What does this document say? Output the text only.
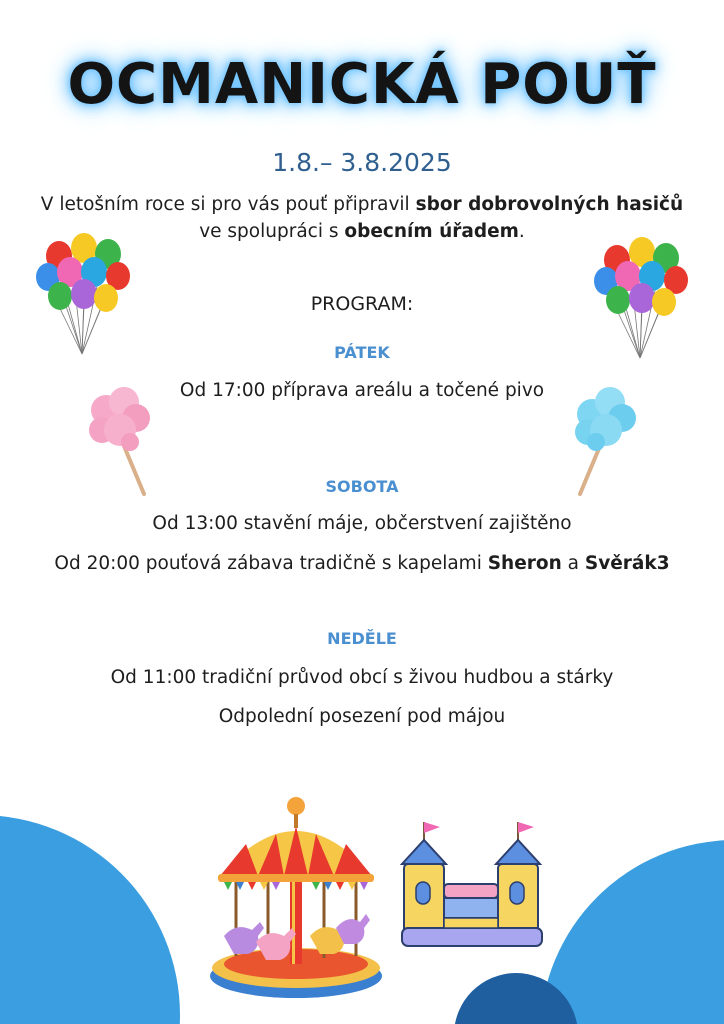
OCMANICKÁ POUŤ
1.8.– 3.8.2025
V letošním roce si pro vás pouť připravil sbor dobrovolných hasičů ve spolupráci s obecním úřadem.
PROGRAM:
PÁTEK
Od 17:00 příprava areálu a točené pivo
SOBOTA
Od 13:00 stavění máje, občerstvení zajištěno
Od 20:00 pouťová zábava tradičně s kapelami Sheron a Svěrák3
NEDĚLE
Od 11:00 tradiční průvod obcí s živou hudbou a stárky
Odpolední posezení pod májou
